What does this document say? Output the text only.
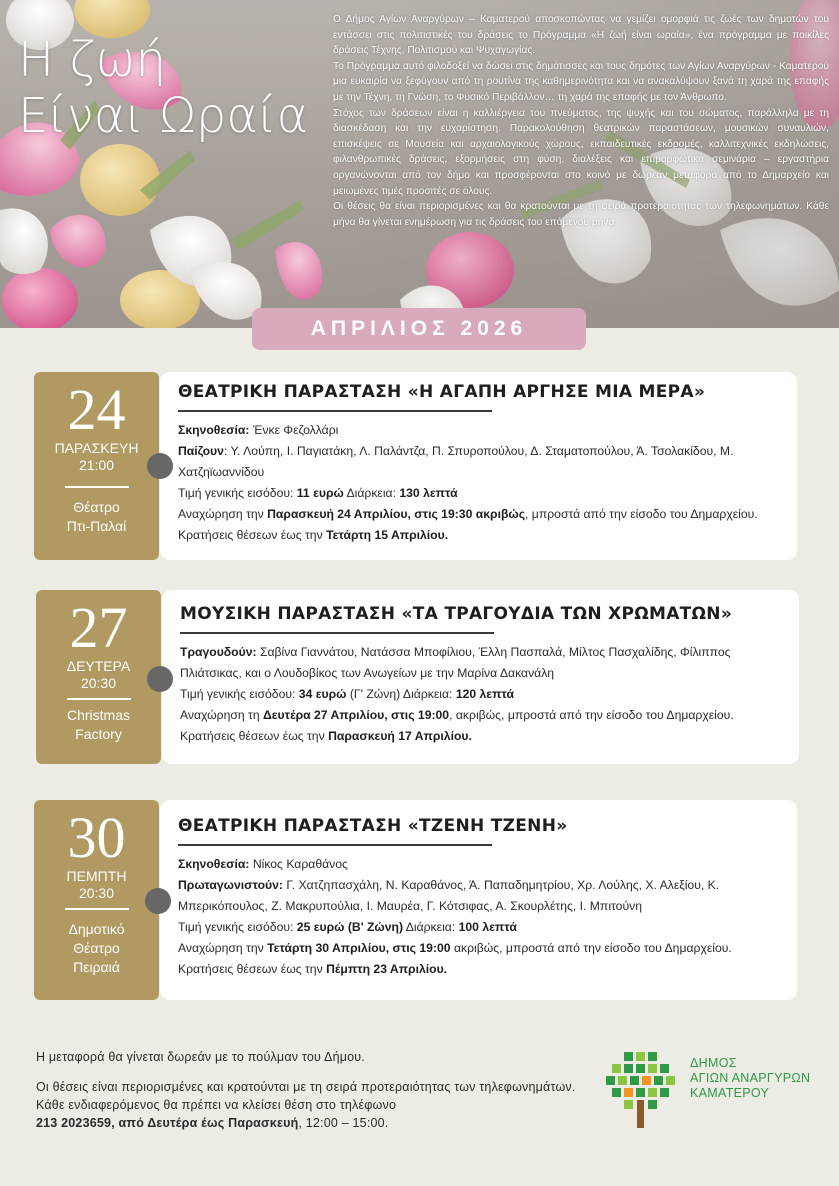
Η ζωή
Είναι Ωραία

Ο Δήμος Αγίων Αναργύρων – Καματερού αποσκοπώντας να γεμίζει ομορφιά τις ζωές των δημοτών του εντάσσει στις πολιτιστικές του δράσεις το Πρόγραμμα «Η ζωή είναι ωραία», ένα πρόγραμμα με ποικίλες δράσεις Τέχνης, Πολιτισμού και Ψυχαγωγίας.

Το Πρόγραμμα αυτό φιλοδοξεί να δώσει στις δημότισσες και τους δημότες των Αγίων Αναργύρων - Καματερού μια ευκαιρία να ξεφύγουν από τη ρουτίνα της καθημερινότητα και να ανακαλύψουν ξανά τη χαρά της επαφής με την Τέχνη, τη Γνώση, το Φυσικό Περιβάλλον… τη χαρά της επαφής με τον Άνθρωπο.

Στόχος των δράσεων είναι η καλλιέργεια του πνεύματος, της ψυχής και του σώματος, παράλληλα με τη διασκέδαση και την ευχαρίστηση. Παρακολούθηση θεατρικών παραστάσεων, μουσικών συναυλιών, επισκέψεις σε Μουσεία και αρχαιολογικούς χώρους, εκπαιδευτικές εκδρομές, καλλιτεχνικές εκδηλώσεις, φιλανθρωπικές δράσεις, εξορμήσεις στη φύση, διαλέξεις και επιμορφωτικά σεμινάρια – εργαστήρια οργανώνονται από τον δήμο και προσφέρονται στο κοινό με δωρεάν μεταφορά από το Δημαρχείο και μειωμένες τιμές προσιτές σε όλους.

Οι θέσεις θα είναι περιορισμένες και θα κρατούνται με τη σειρά προτεραιότητας των τηλεφωνημάτων. Κάθε μήνα θα γίνεται ενημέρωση για τις δράσεις του επόμενου μήνα.

ΑΠΡΙΛΙΟΣ 2026
24
ΠΑΡΑΣΚΕΥΗ
21:00
Θέατρο
Πτι-Παλαί
ΘΕΑΤΡΙΚΗ ΠΑΡΑΣΤΑΣΗ «Η ΑΓΑΠΗ ΑΡΓΗΣΕ ΜΙΑ ΜΕΡΑ»
Σκηνοθεσία: Ένκε Φεζολλάρι
Παίζουν: Υ. Λούπη, Ι. Παγιατάκη, Λ. Παλάντζα, Π. Σπυροπούλου, Δ. Σταματοπούλου, Ά. Τσολακίδου, Μ. Χατζηϊωαννίδου
Τιμή γενικής εισόδου: 11 ευρώ Διάρκεια: 130 λεπτά
Αναχώρηση την Παρασκευή 24 Απριλίου, στις 19:30 ακριβώς, μπροστά από την είσοδο του Δημαρχείου.
Κρατήσεις θέσεων έως την Τετάρτη 15 Απριλίου.
27
ΔΕΥΤΕΡΑ
20:30
Christmas
Factory
ΜΟΥΣΙΚΗ ΠΑΡΑΣΤΑΣΗ «ΤΑ ΤΡΑΓΟΥΔΙΑ ΤΩΝ ΧΡΩΜΑΤΩΝ»
Τραγουδούν: Σαβίνα Γιαννάτου, Νατάσσα Μποφίλιου, Έλλη Πασπαλά, Μίλτος Πασχαλίδης, Φίλιππος Πλιάτσικας, και ο Λουδοβίκος των Ανωγείων με την Μαρίνα Δακανάλη
Τιμή γενικής εισόδου: 34 ευρώ (Γ' Ζώνη) Διάρκεια: 120 λεπτά
Αναχώρηση τη Δευτέρα 27 Απριλίου, στις 19:00, ακριβώς, μπροστά από την είσοδο του Δημαρχείου.
Κρατήσεις θέσεων έως την Παρασκευή 17 Απριλίου.
30
ΠΕΜΠΤΗ
20:30
Δημοτικό
Θέατρο
Πειραιά
ΘΕΑΤΡΙΚΗ ΠΑΡΑΣΤΑΣΗ «ΤΖΕΝΗ ΤΖΕΝΗ»
Σκηνοθεσία: Νίκος Καραθάνος
Πρωταγωνιστούν: Γ. Χατζηπασχάλη, Ν. Καραθάνος, Ά. Παπαδημητρίου, Χρ. Λούλης, Χ. Αλεξίου, Κ. Μπερικόπουλος, Ζ. Μακρυπούλια, Ι. Μαυρέα, Γ. Κότσιφας, Α. Σκουρλέτης, Ι. Μπιτούνη
Τιμή γενικής εισόδου: 25 ευρώ (Β' Ζώνη) Διάρκεια: 100 λεπτά
Αναχώρηση την Τετάρτη 30 Απριλίου, στις 19:00 ακριβώς, μπροστά από την είσοδο του Δημαρχείου.
Κρατήσεις θέσεων έως την Πέμπτη 23 Απριλίου.

Η μεταφορά θα γίνεται δωρεάν με το πούλμαν του Δήμου.

Οι θέσεις είναι περιορισμένες και κρατούνται με τη σειρά προτεραιότητας των τηλεφωνημάτων. Κάθε ενδιαφερόμενος θα πρέπει να κλείσει θέση στο τηλέφωνο
213 2023659, από Δευτέρα έως Παρασκευή, 12:00 – 15:00.

ΔΗΜΟΣ
ΑΓΙΩΝ ΑΝΑΡΓΥΡΩΝ
ΚΑΜΑΤΕΡΟΥ
